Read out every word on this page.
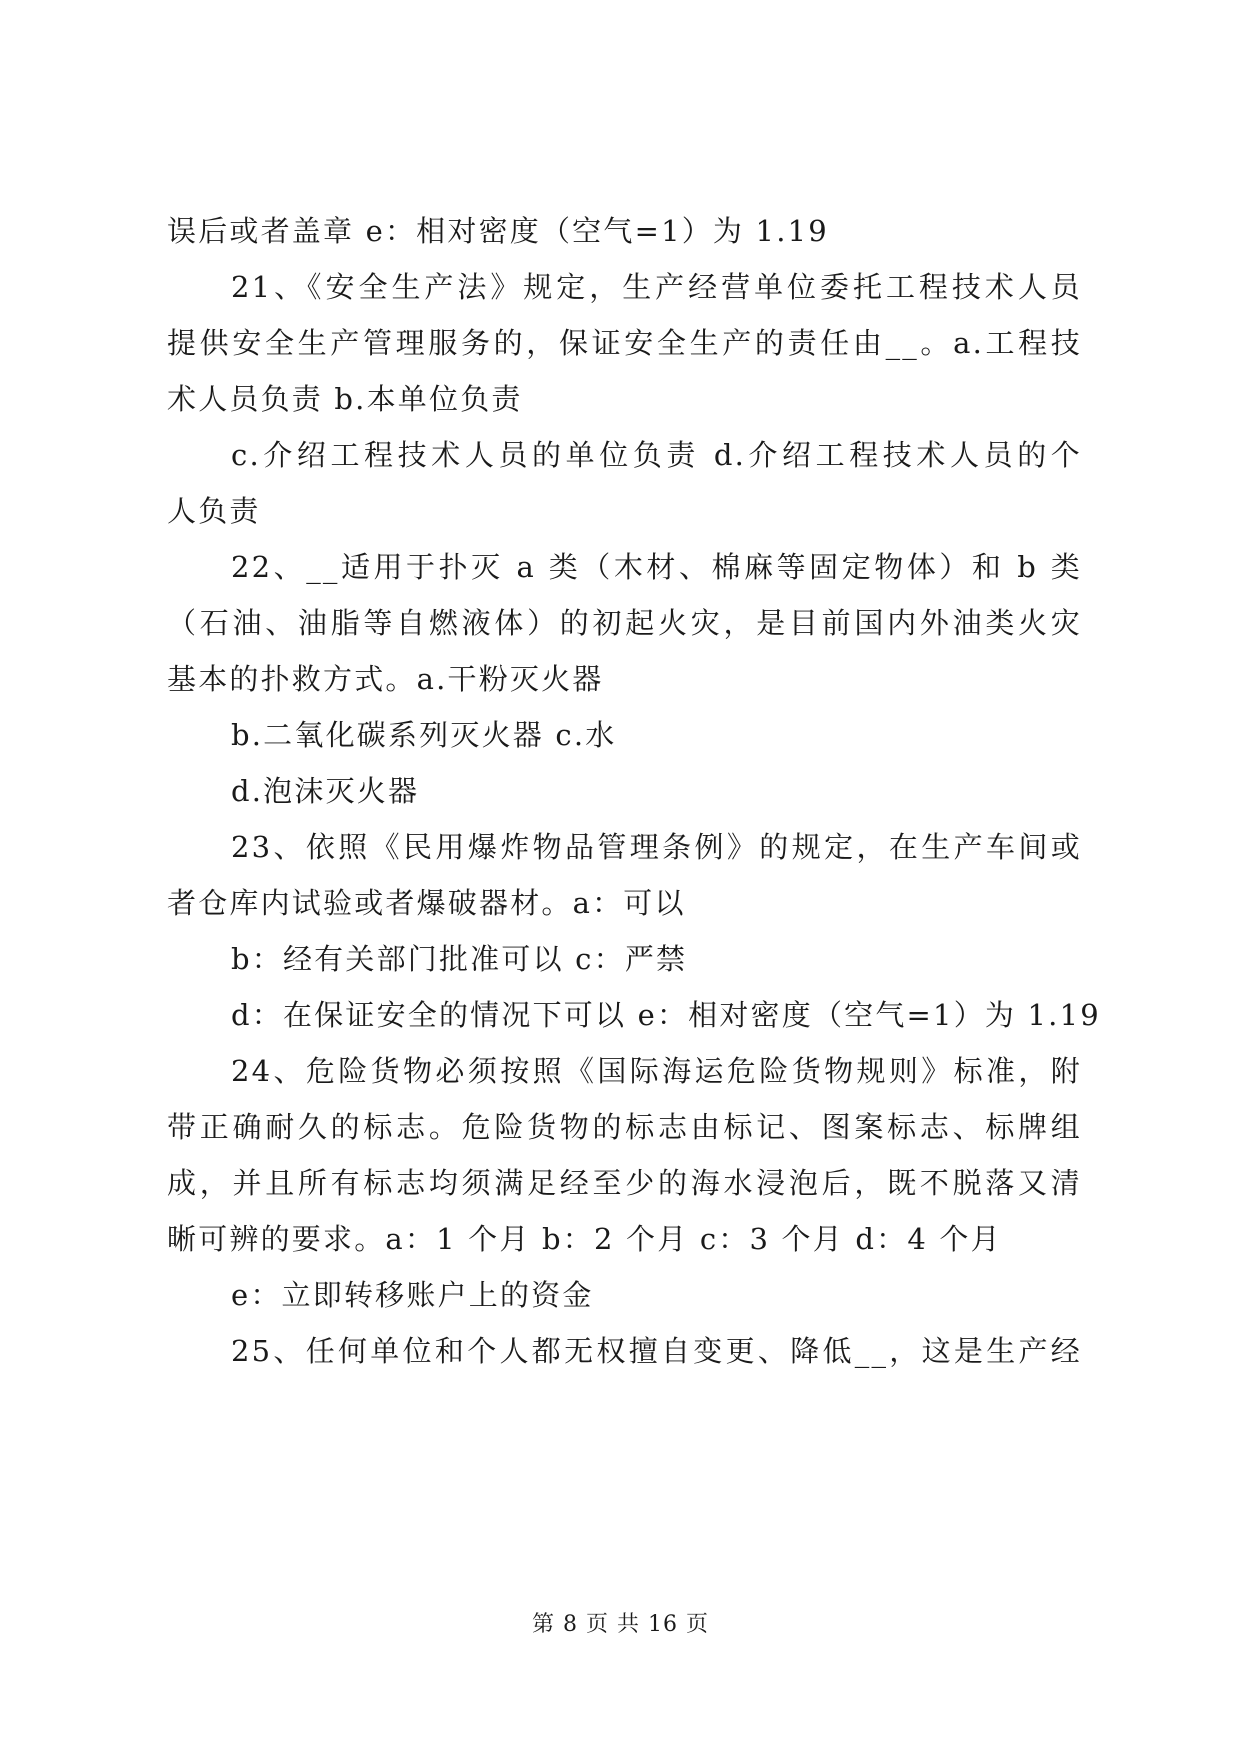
误后或者盖章 e：相对密度（空气=1）为 1.19
21、《安全生产法》规定，生产经营单位委托工程技术人员
提供安全生产管理服务的，保证安全生产的责任由__。a.工程技
术人员负责 b.本单位负责
c.介绍工程技术人员的单位负责 d.介绍工程技术人员的个
人负责
22、__适用于扑灭 a 类（木材、棉麻等固定物体）和 b 类
（石油、油脂等自燃液体）的初起火灾，是目前国内外油类火灾
基本的扑救方式。a.干粉灭火器
b.二氧化碳系列灭火器 c.水
d.泡沫灭火器
23、依照《民用爆炸物品管理条例》的规定，在生产车间或
者仓库内试验或者爆破器材。a：可以
b：经有关部门批准可以 c：严禁
d：在保证安全的情况下可以 e：相对密度（空气=1）为 1.19
24、危险货物必须按照《国际海运危险货物规则》标准，附
带正确耐久的标志。危险货物的标志由标记、图案标志、标牌组
成，并且所有标志均须满足经至少的海水浸泡后，既不脱落又清
晰可辨的要求。a：1 个月 b：2 个月 c：3 个月 d：4 个月
e：立即转移账户上的资金
25、任何单位和个人都无权擅自变更、降低__，这是生产经
第 8 页 共 16 页
